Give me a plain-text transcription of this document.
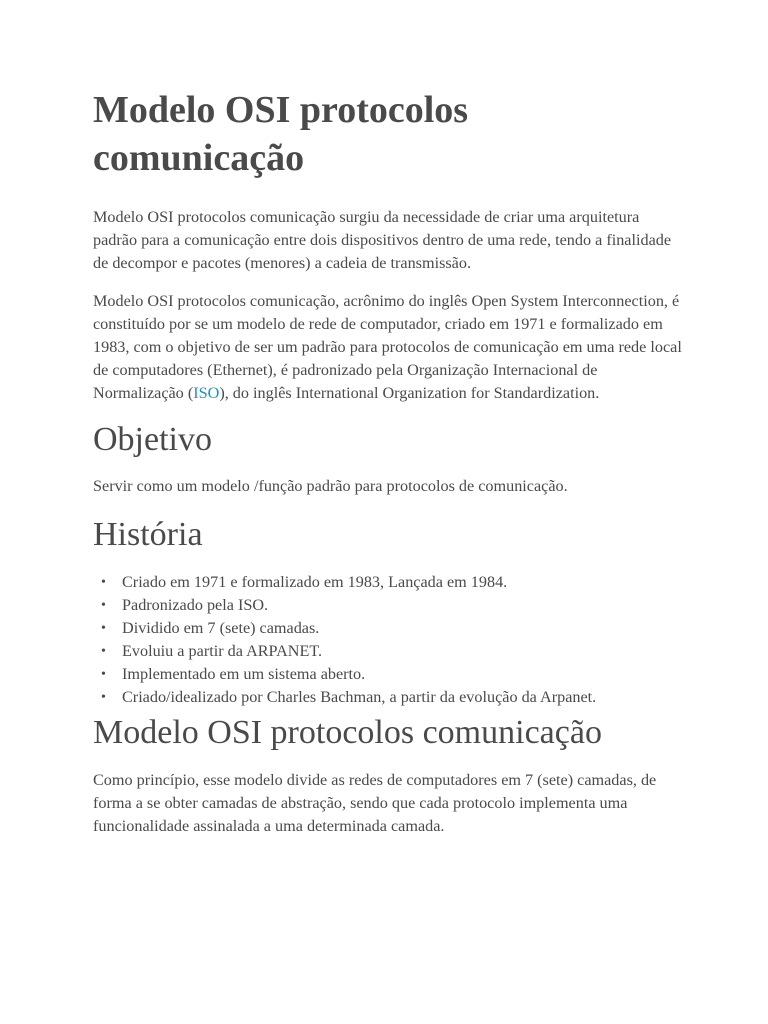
Modelo OSI protocolos
comunicação

Modelo OSI protocolos comunicação surgiu da necessidade de criar uma arquitetura padrão para a comunicação entre dois dispositivos dentro de uma rede, tendo a finalidade de decompor e pacotes (menores) a cadeia de transmissão.

Modelo OSI protocolos comunicação, acrônimo do inglês Open System Interconnection, é constituído por se um modelo de rede de computador, criado em 1971 e formalizado em 1983, com o objetivo de ser um padrão para protocolos de comunicação em uma rede local de computadores (Ethernet), é padronizado pela Organização Internacional de Normalização (ISO), do inglês International Organization for Standardization.

Objetivo

Servir como um modelo /função padrão para protocolos de comunicação.

História
• Criado em 1971 e formalizado em 1983, Lançada em 1984.
• Padronizado pela ISO.
• Dividido em 7 (sete) camadas.
• Evoluiu a partir da ARPANET.
• Implementado em um sistema aberto.
• Criado/idealizado por Charles Bachman, a partir da evolução da Arpanet.
Modelo OSI protocolos comunicação

Como princípio, esse modelo divide as redes de computadores em 7 (sete) camadas, de forma a se obter camadas de abstração, sendo que cada protocolo implementa uma funcionalidade assinalada a uma determinada camada.
